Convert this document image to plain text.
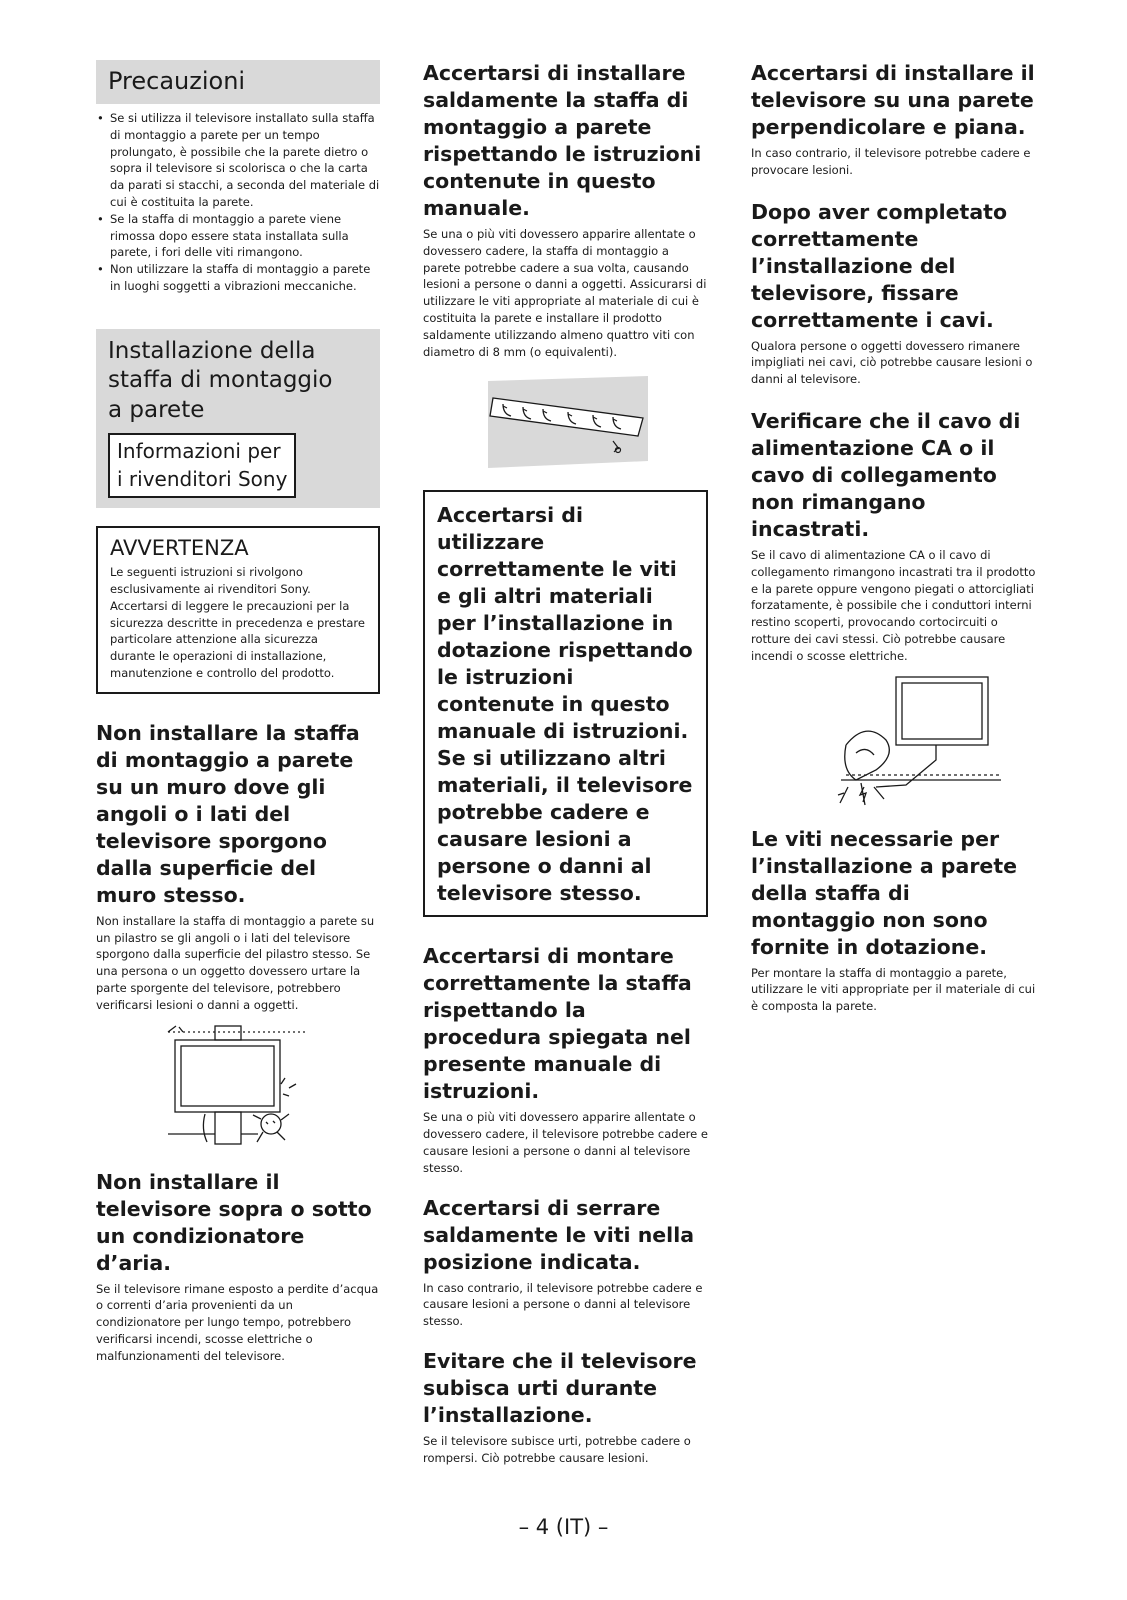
Precauzioni
• Se si utilizza il televisore installato sulla staffa di montaggio a parete per un tempo prolungato, è possibile che la parete dietro o sopra il televisore si scolorisca o che la carta da parati si stacchi, a seconda del materiale di cui è costituita la parete.
• Se la staffa di montaggio a parete viene rimossa dopo essere stata installata sulla parete, i fori delle viti rimangono.
• Non utilizzare la staffa di montaggio a parete in luoghi soggetti a vibrazioni meccaniche.
Installazione della
staffa di montaggio
a parete
Informazioni per
i rivenditori Sony
AVVERTENZA

Le seguenti istruzioni si rivolgono esclusivamente ai rivenditori Sony. Accertarsi di leggere le precauzioni per la sicurezza descritte in precedenza e prestare particolare attenzione alla sicurezza durante le operazioni di installazione, manutenzione e controllo del prodotto.

Non installare la staffa di montaggio a parete su un muro dove gli angoli o i lati del televisore sporgono dalla superficie del muro stesso.

Non installare la staffa di montaggio a parete su un pilastro se gli angoli o i lati del televisore sporgono dalla superficie del pilastro stesso. Se una persona o un oggetto dovessero urtare la parte sporgente del televisore, potrebbero verificarsi lesioni o danni a oggetti.

Non installare il televisore sopra o sotto un condizionatore d’aria.

Se il televisore rimane esposto a perdite d’acqua o correnti d’aria provenienti da un condizionatore per lungo tempo, potrebbero verificarsi incendi, scosse elettriche o malfunzionamenti del televisore.

Accertarsi di installare saldamente la staffa di montaggio a parete rispettando le istruzioni contenute in questo manuale.

Se una o più viti dovessero apparire allentate o dovessero cadere, la staffa di montaggio a parete potrebbe cadere a sua volta, causando lesioni a persone o danni a oggetti. Assicurarsi di utilizzare le viti appropriate al materiale di cui è costituita la parete e installare il prodotto saldamente utilizzando almeno quattro viti con diametro di 8 mm (o equivalenti).

Accertarsi di utilizzare correttamente le viti e gli altri materiali per l’installazione in dotazione rispettando le istruzioni contenute in questo manuale di istruzioni. Se si utilizzano altri materiali, il televisore potrebbe cadere e causare lesioni a persone o danni al televisore stesso.

Accertarsi di montare correttamente la staffa rispettando la procedura spiegata nel presente manuale di istruzioni.

Se una o più viti dovessero apparire allentate o dovessero cadere, il televisore potrebbe cadere e causare lesioni a persone o danni al televisore stesso.

Accertarsi di serrare saldamente le viti nella posizione indicata.

In caso contrario, il televisore potrebbe cadere e causare lesioni a persone o danni al televisore stesso.

Evitare che il televisore subisca urti durante l’installazione.

Se il televisore subisce urti, potrebbe cadere o rompersi. Ciò potrebbe causare lesioni.

Accertarsi di installare il televisore su una parete perpendicolare e piana.

In caso contrario, il televisore potrebbe cadere e provocare lesioni.

Dopo aver completato correttamente l’installazione del televisore, fissare correttamente i cavi.

Qualora persone o oggetti dovessero rimanere impigliati nei cavi, ciò potrebbe causare lesioni o danni al televisore.

Verificare che il cavo di alimentazione CA o il cavo di collegamento non rimangano incastrati.

Se il cavo di alimentazione CA o il cavo di collegamento rimangono incastrati tra il prodotto e la parete oppure vengono piegati o attorcigliati forzatamente, è possibile che i conduttori interni restino scoperti, provocando cortocircuiti o rotture dei cavi stessi. Ciò potrebbe causare incendi o scosse elettriche.

Le viti necessarie per l’installazione a parete della staffa di montaggio non sono fornite in dotazione.

Per montare la staffa di montaggio a parete, utilizzare le viti appropriate per il materiale di cui è composta la parete.

– 4 (IT) –
